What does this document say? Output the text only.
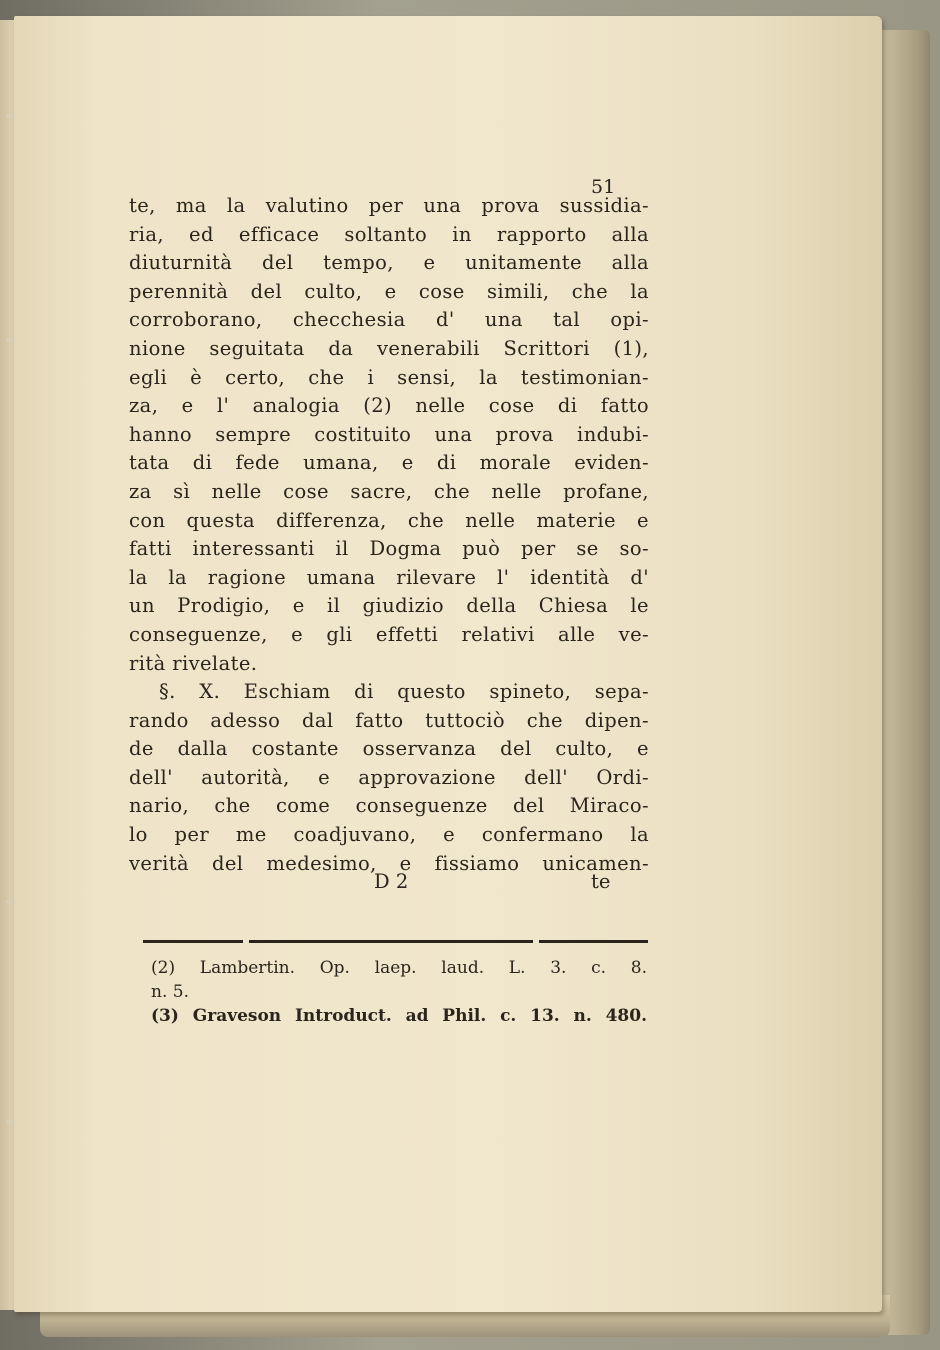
51
te, ma la valutino per una prova sussidia-
ria, ed efficace soltanto in rapporto alla
diuturnità del tempo, e unitamente alla
perennità del culto, e cose simili, che la
corroborano, checchesia d' una tal opi-
nione seguitata da venerabili Scrittori (1),
egli è certo, che i sensi, la testimonian-
za, e l' analogia (2) nelle cose di fatto
hanno sempre costituito una prova indubi-
tata di fede umana, e di morale eviden-
za sì nelle cose sacre, che nelle profane,
con questa differenza, che nelle materie e
fatti interessanti il Dogma può per se so-
la la ragione umana rilevare l' identità d'
un Prodigio, e il giudizio della Chiesa le
conseguenze, e gli effetti relativi alle ve-
rità rivelate.
§. X. Eschiam di questo spineto, sepa-
rando adesso dal fatto tuttociò che dipen-
de dalla costante osservanza del culto, e
dell' autorità, e approvazione dell' Ordi-
nario, che come conseguenze del Miraco-
lo per me coadjuvano, e confermano la
verità del medesimo, e fissiamo unicamen-
D 2	te
(2) Lambertin. Op. laep. laud. L. 3. c. 8.
n. 5.
(3) Graveson Introduct. ad Phil. c. 13. n. 480.
